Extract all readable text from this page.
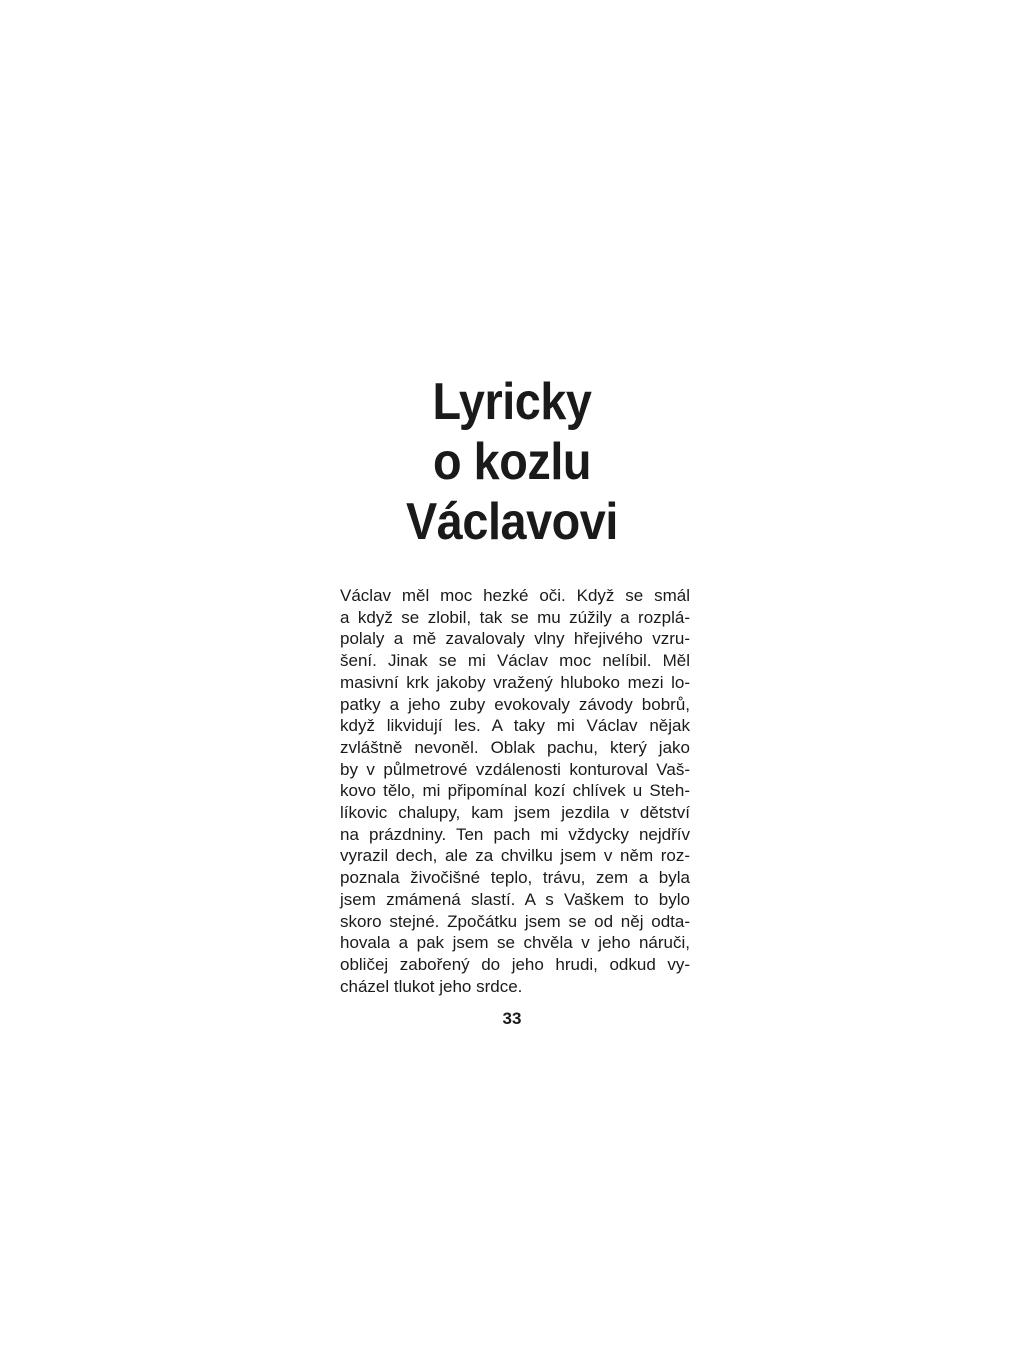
Lyricky
o kozlu
Václavovi

Václav měl moc hezké oči. Když se smál
a když se zlobil, tak se mu zúžily a rozplá-
polaly a mě zavalovaly vlny hřejivého vzru-
šení. Jinak se mi Václav moc nelíbil. Měl
masivní krk jakoby vražený hluboko mezi lo-
patky a jeho zuby evokovaly závody bobrů,
když likvidují les. A taky mi Václav nějak
zvláštně nevoněl. Oblak pachu, který jako
by v půlmetrové vzdálenosti konturoval Vaš-
kovo tělo, mi připomínal kozí chlívek u Steh-
líkovic chalupy, kam jsem jezdila v dětství
na prázdniny. Ten pach mi vždycky nejdřív
vyrazil dech, ale za chvilku jsem v něm roz-
poznala živočišné teplo, trávu, zem a byla
jsem zmámená slastí. A s Vaškem to bylo
skoro stejné. Zpočátku jsem se od něj odta-
hovala a pak jsem se chvěla v jeho náruči,
obličej zabořený do jeho hrudi, odkud vy-
cházel tlukot jeho srdce.

33
